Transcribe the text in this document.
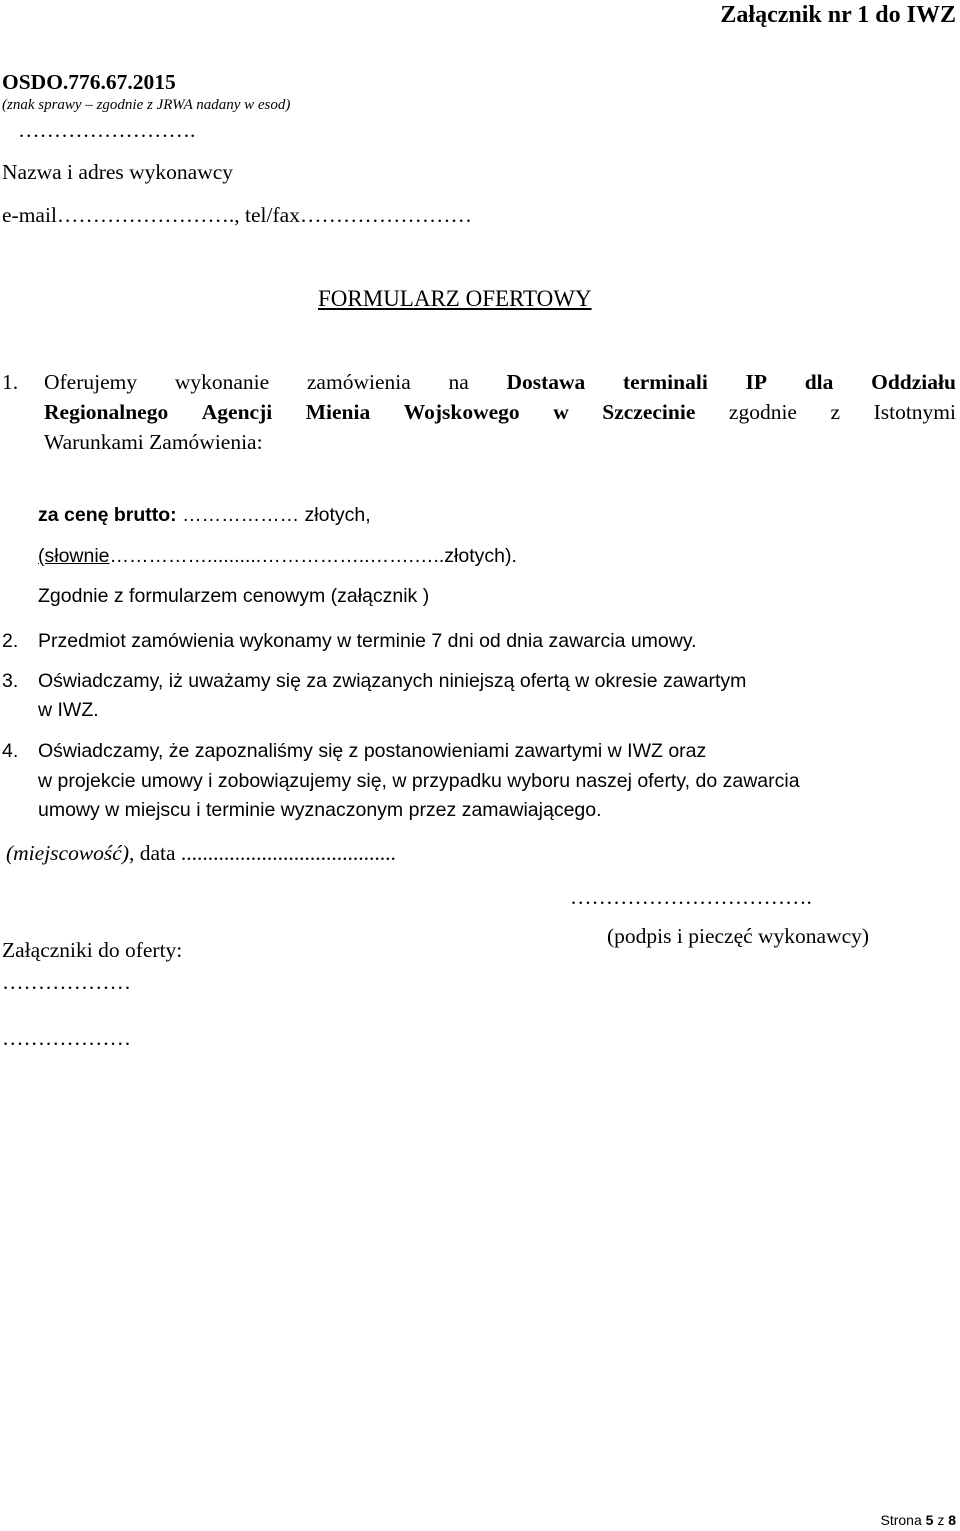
Załącznik nr 1 do IWZ
OSDO.776.67.2015
(znak sprawy – zgodnie z JRWA nadany w esod)
…………………….
Nazwa i adres wykonawcy
e-mail……………………., tel/fax……………………
FORMULARZ OFERTOWY
1. Oferujemy wykonanie zamówienia na Dostawa terminali IP dla Oddziału
Regionalnego Agencji Mienia Wojskowego w Szczecinie zgodnie z Istotnymi
Warunkami Zamówienia:
za cenę brutto: ……………… złotych,
(słownie……………..........……………..…….…..złotych).
Zgodnie z formularzem cenowym (załącznik )
2. Przedmiot zamówienia wykonamy w terminie 7 dni od dnia zawarcia umowy.
3. Oświadczamy, iż uważamy się za związanych niniejszą ofertą w okresie zawartym
w IWZ.
4. Oświadczamy, że zapoznaliśmy się z postanowieniami zawartymi w IWZ oraz
w projekcie umowy i zobowiązujemy się, w przypadku wyboru naszej oferty, do zawarcia
umowy w miejscu i terminie wyznaczonym przez zamawiającego.
(miejscowość), data ........................................
…………………………….
(podpis i pieczęć wykonawcy)
Załączniki do oferty:
………………
………………
Strona 5 z 8
